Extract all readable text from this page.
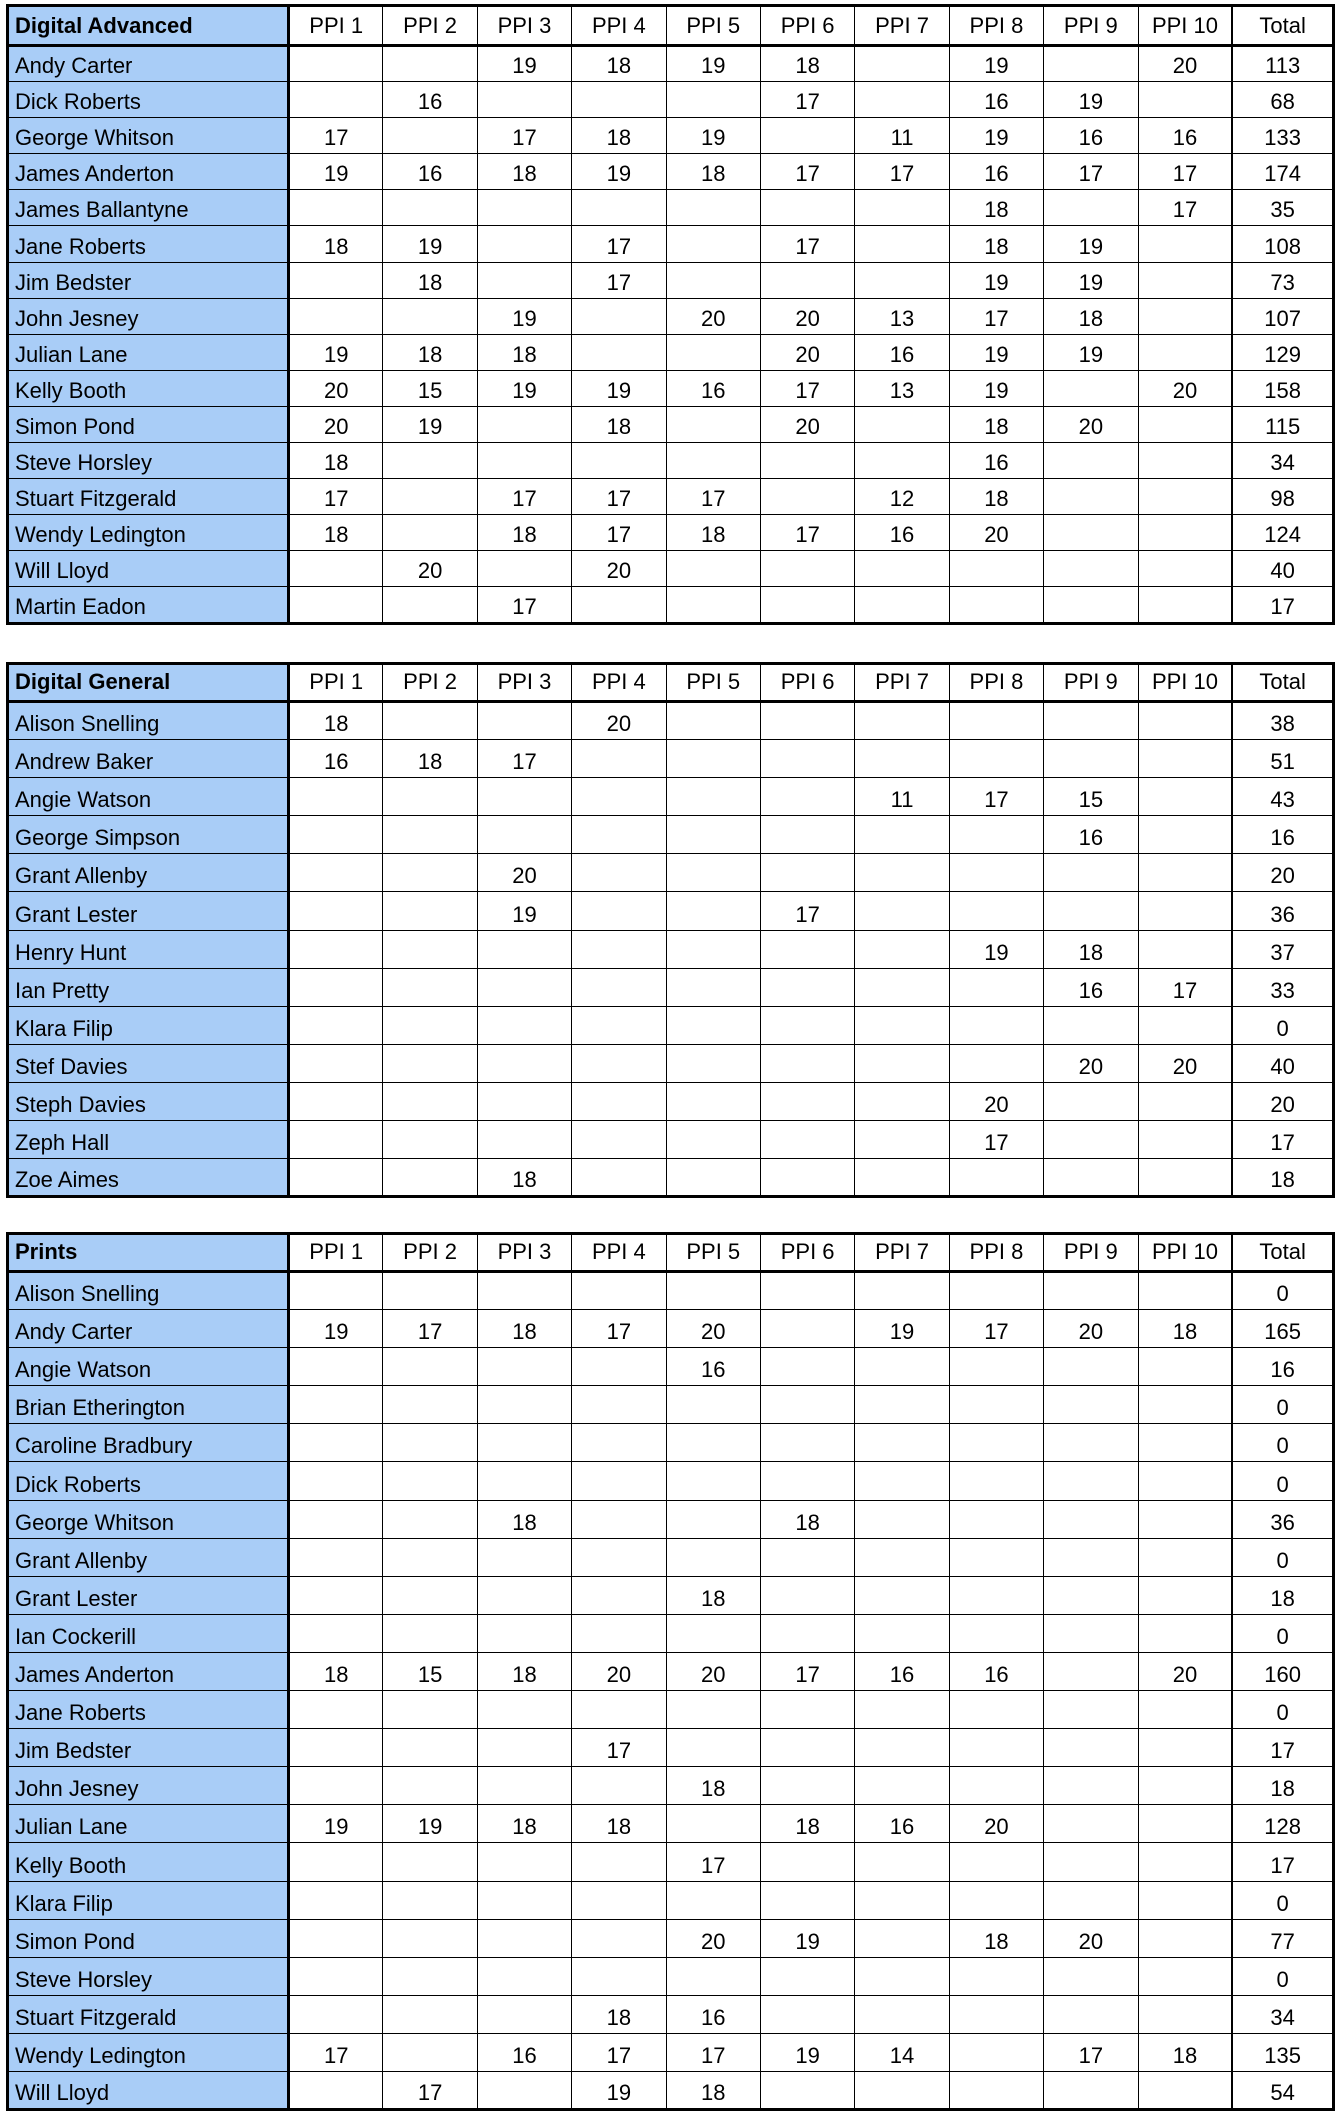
Digital Advanced	PPI 1	PPI 2	PPI 3	PPI 4	PPI 5	PPI 6	PPI 7	PPI 8	PPI 9	PPI 10	Total
Andy Carter			19	18	19	18		19		20	113
Dick Roberts		16				17		16	19		68
George Whitson	17		17	18	19		11	19	16	16	133
James Anderton	19	16	18	19	18	17	17	16	17	17	174
James Ballantyne								18		17	35
Jane Roberts	18	19		17		17		18	19		108
Jim Bedster		18		17				19	19		73
John Jesney			19		20	20	13	17	18		107
Julian Lane	19	18	18			20	16	19	19		129
Kelly Booth	20	15	19	19	16	17	13	19		20	158
Simon Pond	20	19		18		20		18	20		115
Steve Horsley	18							16			34
Stuart Fitzgerald	17		17	17	17		12	18			98
Wendy Ledington	18		18	17	18	17	16	20			124
Will Lloyd		20		20							40
Martin Eadon			17								17
Digital General	PPI 1	PPI 2	PPI 3	PPI 4	PPI 5	PPI 6	PPI 7	PPI 8	PPI 9	PPI 10	Total
Alison Snelling	18			20							38
Andrew Baker	16	18	17								51
Angie Watson							11	17	15		43
George Simpson									16		16
Grant Allenby			20								20
Grant Lester			19			17					36
Henry Hunt								19	18		37
Ian Pretty									16	17	33
Klara Filip											0
Stef Davies									20	20	40
Steph Davies								20			20
Zeph Hall								17			17
Zoe Aimes			18								18
Prints	PPI 1	PPI 2	PPI 3	PPI 4	PPI 5	PPI 6	PPI 7	PPI 8	PPI 9	PPI 10	Total
Alison Snelling											0
Andy Carter	19	17	18	17	20		19	17	20	18	165
Angie Watson					16						16
Brian Etherington											0
Caroline Bradbury											0
Dick Roberts											0
George Whitson			18			18					36
Grant Allenby											0
Grant Lester					18						18
Ian Cockerill											0
James Anderton	18	15	18	20	20	17	16	16		20	160
Jane Roberts											0
Jim Bedster				17							17
John Jesney					18						18
Julian Lane	19	19	18	18		18	16	20			128
Kelly Booth					17						17
Klara Filip											0
Simon Pond					20	19		18	20		77
Steve Horsley											0
Stuart Fitzgerald				18	16						34
Wendy Ledington	17		16	17	17	19	14		17	18	135
Will Lloyd		17		19	18						54
